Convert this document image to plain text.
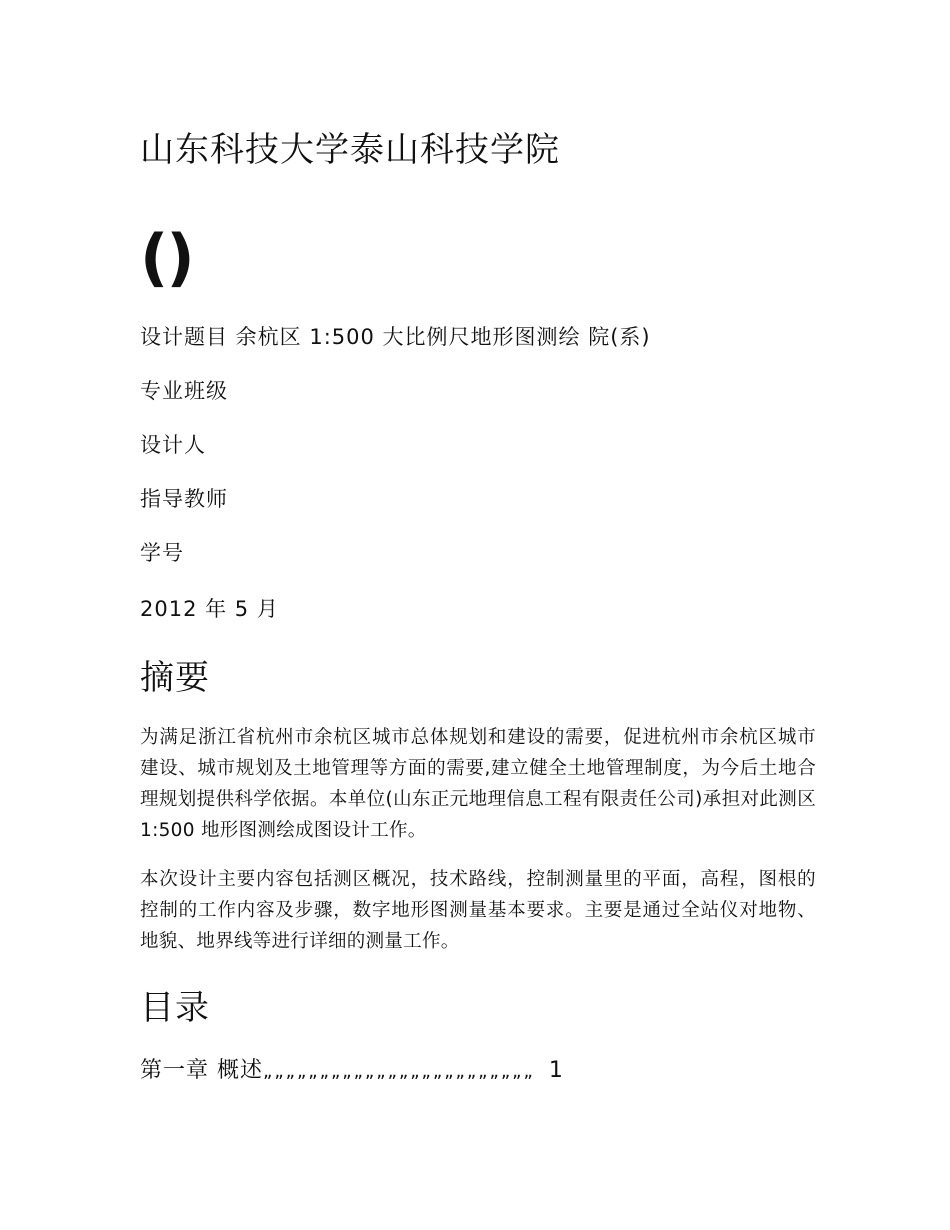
山东科技大学泰山科技学院
()
设计题目 余杭区 1:500 大比例尺地形图测绘 院(系)
专业班级
设计人
指导教师
学号
2012 年 5 月
摘要
为满足浙江省杭州市余杭区城市总体规划和建设的需要，促进杭州市余杭区城市建设、城市规划及土地管理等方面的需要,建立健全土地管理制度，为今后土地合理规划提供科学依据。本单位(山东正元地理信息工程有限责任公司)承担对此测区 1:500 地形图测绘成图设计工作。
本次设计主要内容包括测区概况，技术路线，控制测量里的平面，高程，图根的控制的工作内容及步骤，数字地形图测量基本要求。主要是通过全站仪对地物、地貌、地界线等进行详细的测量工作。
目录
第一章 概述„„„„„„„„„„„„„„„„„„„„„„„„ 1
